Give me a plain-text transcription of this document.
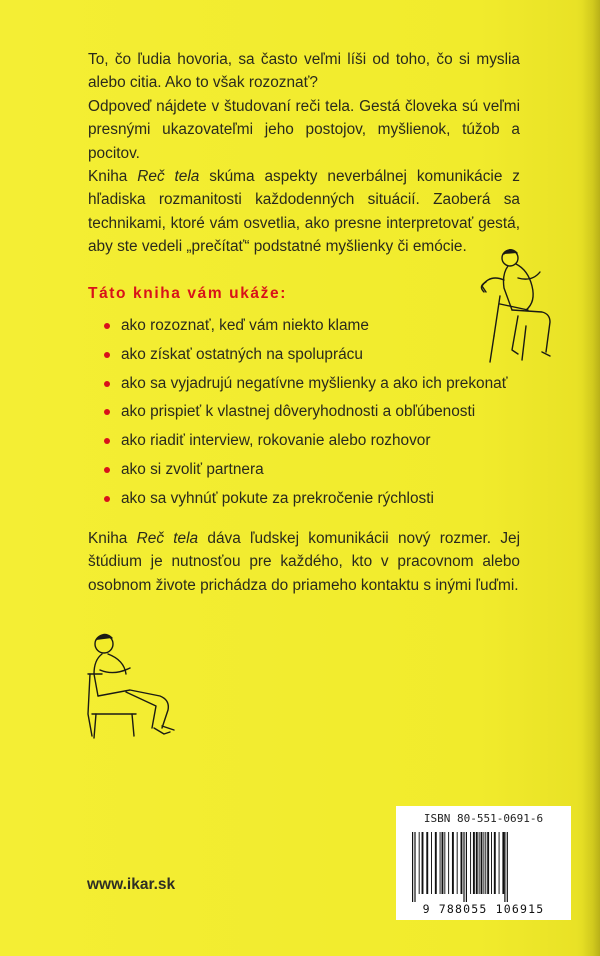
To, čo ľudia hovoria, sa často veľmi líši od toho, čo si myslia alebo citia. Ako to však rozoznať?
Odpoveď nájdete v študovaní reči tela. Gestá človeka sú veľmi presnými ukazovateľmi jeho postojov, myšlienok, túžob a pocitov.
Kniha Reč tela skúma aspekty neverbálnej komunikácie z hľadiska rozmanitosti každodenných situácií. Zaoberá sa technikami, ktoré vám osvetlia, ako presne interpretovať gestá, aby ste vedeli „prečítať“ podstatné myšlienky či emócie.

Táto kniha vám ukáže:

ako rozoznať, keď vám niekto klame
ako získať ostatných na spoluprácu
ako sa vyjadrujú negatívne myšlienky a ako ich prekonať
ako prispieť k vlastnej dôveryhodnosti a obľúbenosti
ako riadiť interview, rokovanie alebo rozhovor
ako si zvoliť partnera
ako sa vyhnúť pokute za prekročenie rýchlosti
Kniha Reč tela dáva ľudskej komunikácii nový rozmer. Jej štúdium je nutnosťou pre každého, kto v pracovnom alebo osobnom živote prichádza do priameho kontaktu s inými ľuďmi.
www.ikar.sk
ISBN 80-551-0691-6
9 788055 106915
